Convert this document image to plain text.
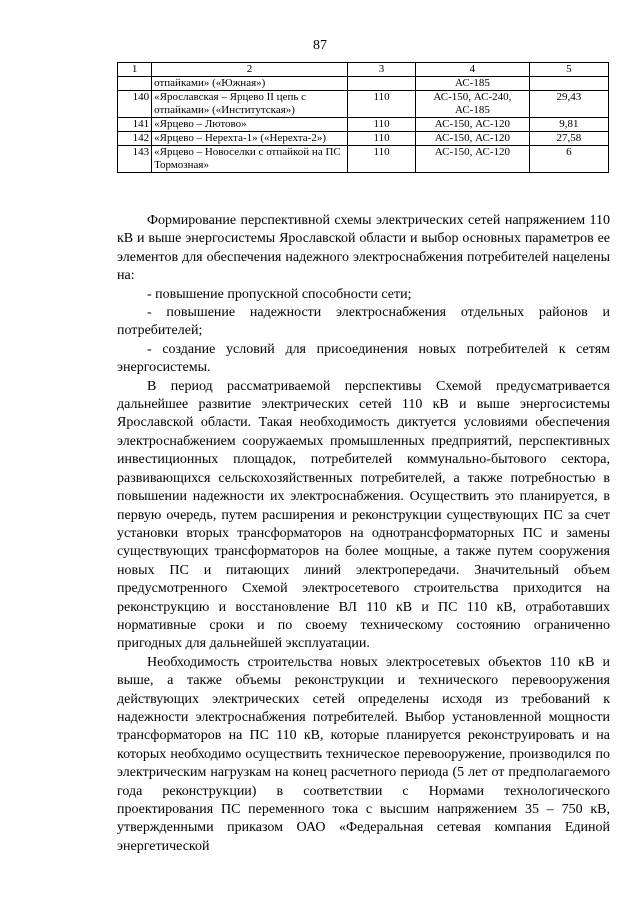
87
1	2	3	4	5
	отпайками» («Южная»)		АС-185	
140	«Ярославская – Ярцево II цепь с отпайками» («Институтская»)	110	АС-150, АС-240, АС-185	29,43
141	«Ярцево – Лютово»	110	АС-150, АС-120	9,81
142	«Ярцево – Нерехта-1» («Нерехта-2»)	110	АС-150, АС-120	27,58
143	«Ярцево – Новоселки с отпайкой на ПС Тормозная»	110	АС-150, АС-120	6

Формирование перспективной схемы электрических сетей напряжением 110 кВ и выше энергосистемы Ярославской области и выбор основных параметров ее элементов для обеспечения надежного электроснабжения потребителей нацелены на:

- повышение пропускной способности сети;

- повышение надежности электроснабжения отдельных районов и потребителей;

- создание условий для присоединения новых потребителей к сетям энергосистемы.

В период рассматриваемой перспективы Схемой предусматривается дальнейшее развитие электрических сетей 110 кВ и выше энергосистемы Ярославской области. Такая необходимость диктуется условиями обеспечения электроснабжением сооружаемых промышленных предприятий, перспективных инвестиционных площадок, потребителей коммунально-бытового сектора, развивающихся сельскохозяйственных потребителей, а также потребностью в повышении надежности их электроснабжения. Осуществить это планируется, в первую очередь, путем расширения и реконструкции существующих ПС за счет установки вторых трансформаторов на однотрансформаторных ПС и замены существующих трансформаторов на более мощные, а также путем сооружения новых ПС и питающих линий электропередачи. Значительный объем предусмотренного Схемой электросетевого строительства приходится на реконструкцию и восстановление ВЛ 110 кВ и ПС 110 кВ, отработавших нормативные сроки и по своему техническому состоянию ограниченно пригодных для дальнейшей эксплуатации.

Необходимость строительства новых электросетевых объектов 110 кВ и выше, а также объемы реконструкции и технического перевооружения действующих электрических сетей определены исходя из требований к надежности электроснабжения потребителей. Выбор установленной мощности трансформаторов на ПС 110 кВ, которые планируется реконструировать и на которых необходимо осуществить техническое перевооружение, производился по электрическим нагрузкам на конец расчетного периода (5 лет от предполагаемого года реконструкции) в соответствии с Нормами технологического проектирования ПС переменного тока с высшим напряжением 35 – 750 кВ, утвержденными приказом ОАО «Федеральная сетевая компания Единой энергетической
